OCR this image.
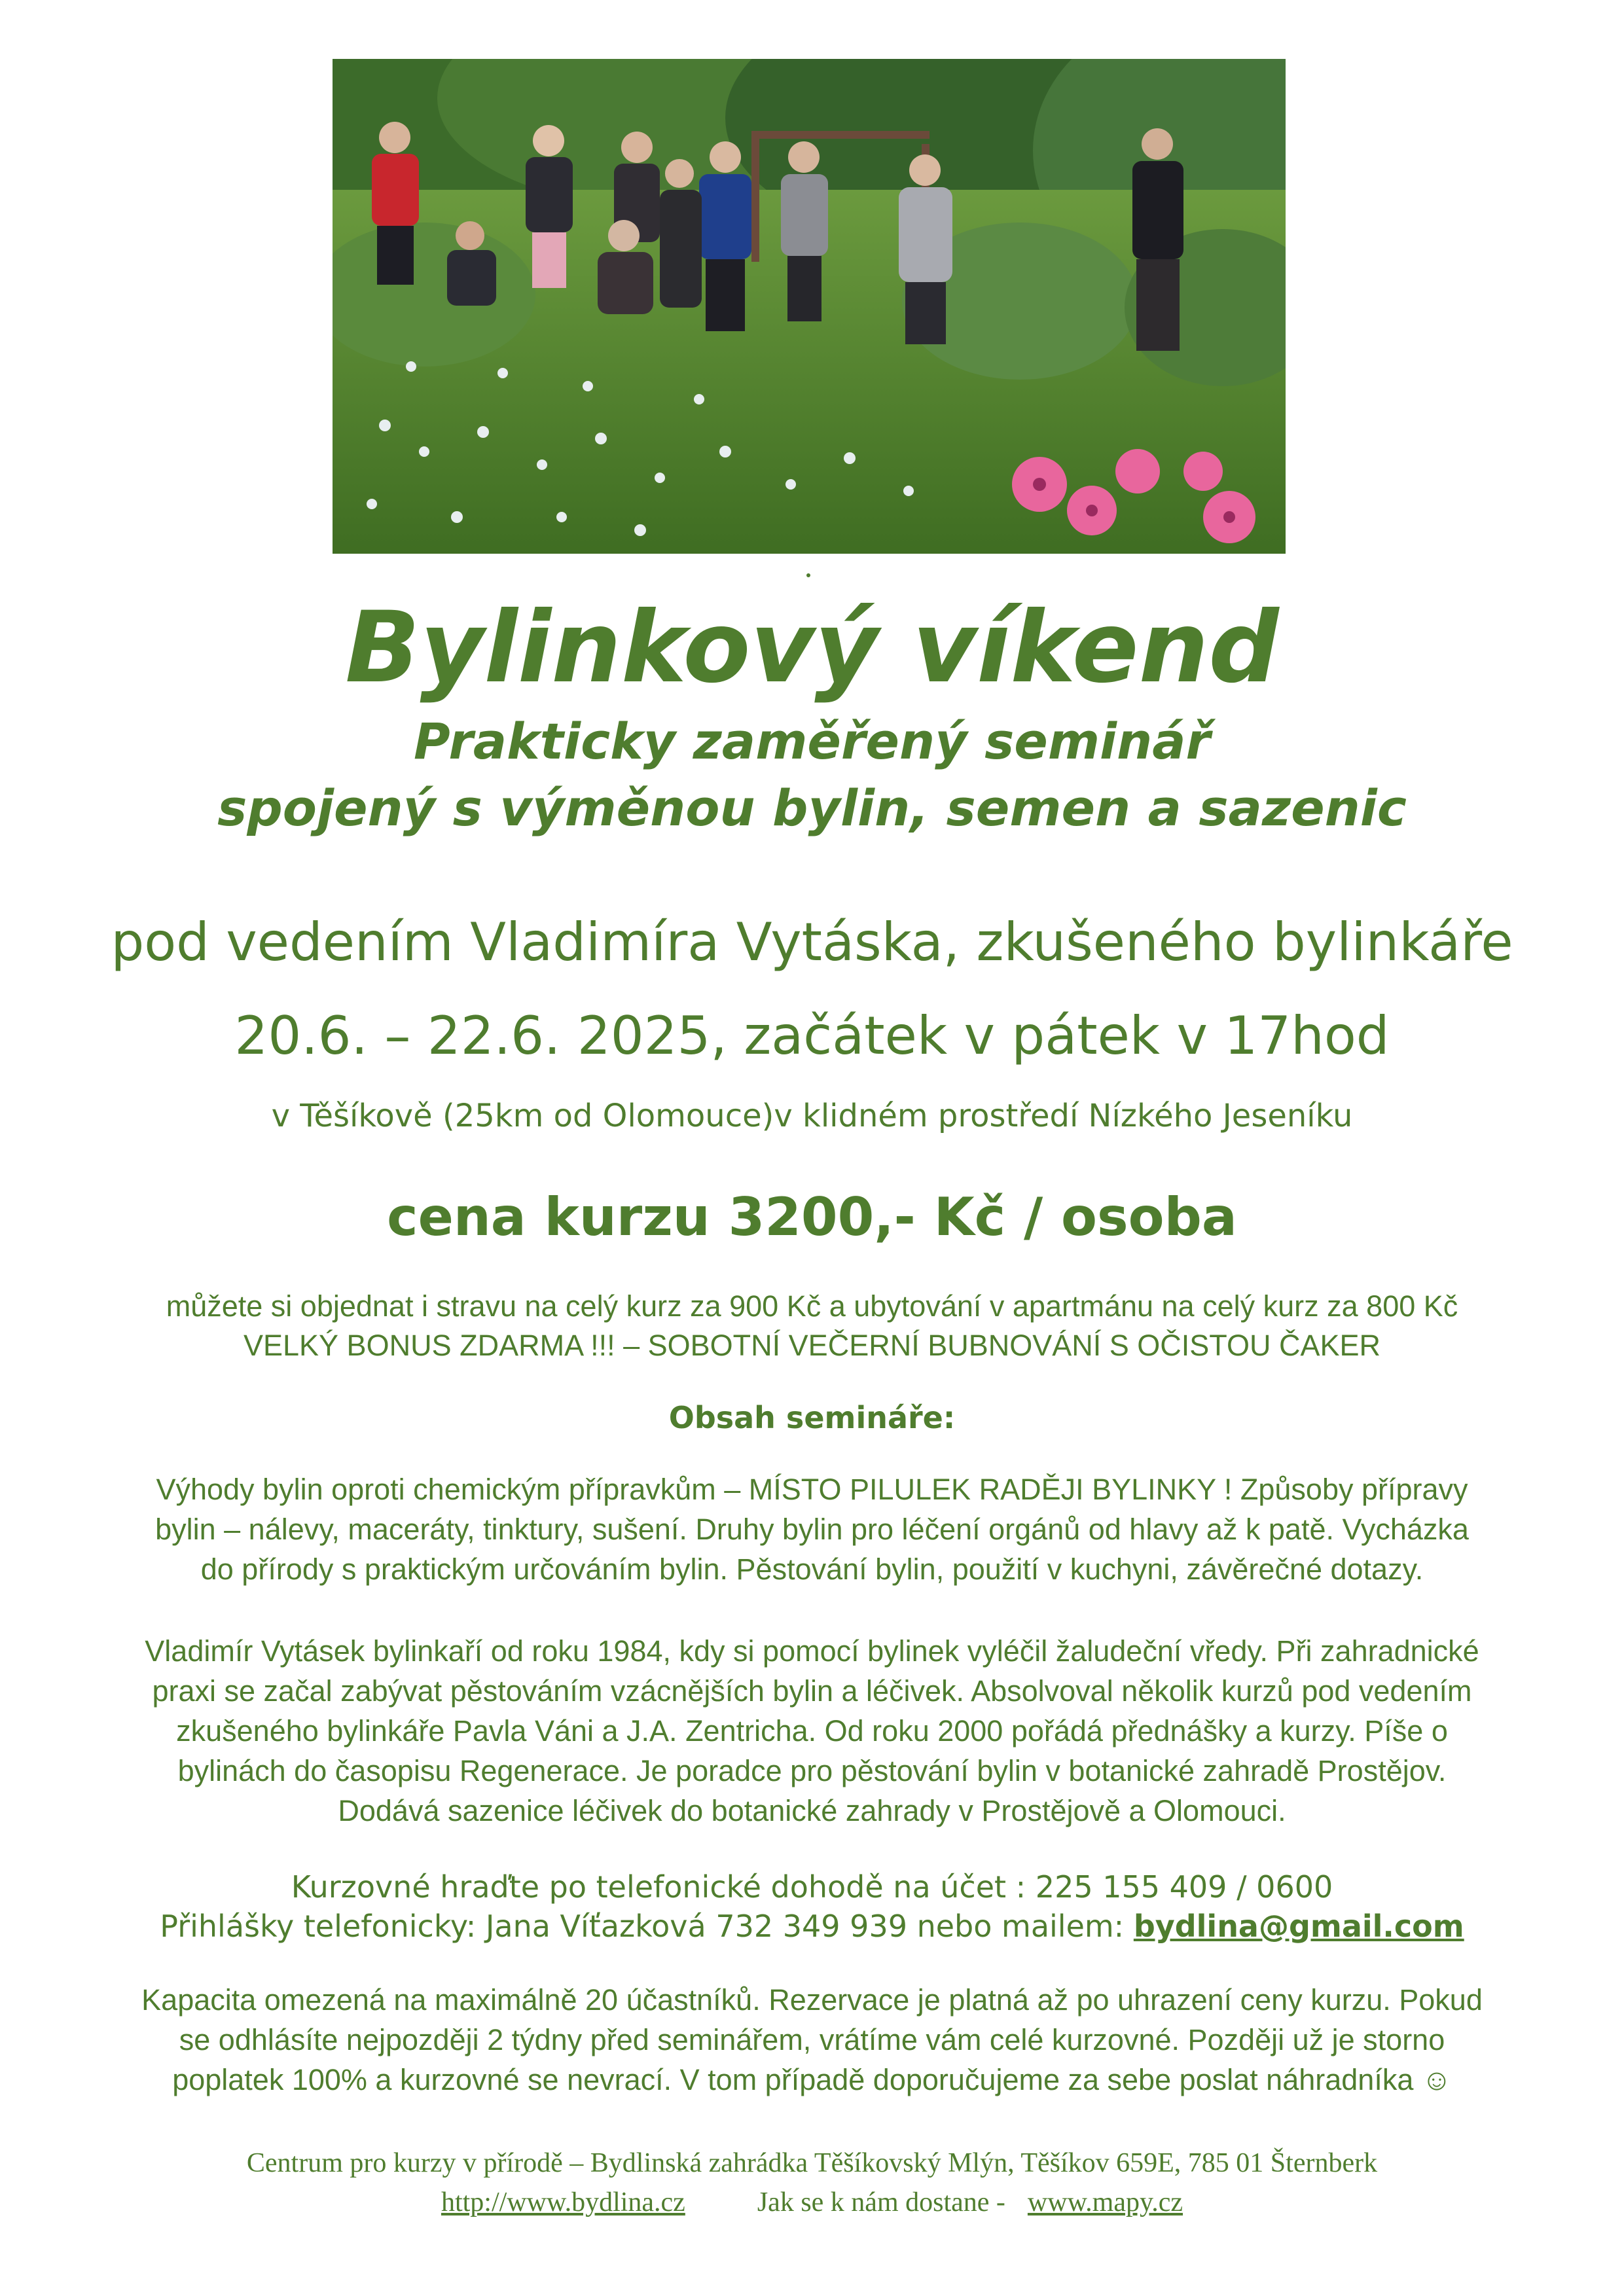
Bylinkový víkend
Prakticky zaměřený seminář
spojený s výměnou bylin, semen a sazenic
pod vedením Vladimíra Vytáska, zkušeného bylinkáře
20.6. – 22.6. 2025, začátek v pátek v 17hod
v Těšíkově (25km od Olomouce)v klidném prostředí Nízkého Jeseníku
cena kurzu 3200,- Kč / osoba
můžete si objednat i stravu na celý kurz za 900 Kč a ubytování v apartmánu na celý kurz za 800 Kč
VELKÝ BONUS ZDARMA !!! – SOBOTNÍ VEČERNÍ BUBNOVÁNÍ S OČISTOU ČAKER
Obsah semináře:
Výhody bylin oproti chemickým přípravkům – MÍSTO PILULEK RADĚJI BYLINKY ! Způsoby přípravy
bylin – nálevy, maceráty, tinktury, sušení. Druhy bylin pro léčení orgánů od hlavy až k patě. Vycházka
do přírody s praktickým určováním bylin. Pěstování bylin, použití v kuchyni, závěrečné dotazy.
Vladimír Vytásek bylinkaří od roku 1984, kdy si pomocí bylinek vyléčil žaludeční vředy. Při zahradnické
praxi se začal zabývat pěstováním vzácnějších bylin a léčivek. Absolvoval několik kurzů pod vedením
zkušeného bylinkáře Pavla Váni a J.A. Zentricha. Od roku 2000 pořádá přednášky a kurzy. Píše o
bylinách do časopisu Regenerace. Je poradce pro pěstování bylin v botanické zahradě Prostějov.
Dodává sazenice léčivek do botanické zahrady v Prostějově a Olomouci.
Kurzovné hraďte po telefonické dohodě na účet : 225 155 409 / 0600
Přihlášky telefonicky: Jana Víťazková 732 349 939 nebo mailem: bydlina@gmail.com
Kapacita omezená na maximálně 20 účastníků. Rezervace je platná až po uhrazení ceny kurzu. Pokud
se odhlásíte nejpozději 2 týdny před seminářem, vrátíme vám celé kurzovné. Později už je storno
poplatek 100% a kurzovné se nevrací. V tom případě doporučujeme za sebe poslat náhradníka ☺
Centrum pro kurzy v přírodě – Bydlinská zahrádka Těšíkovský Mlýn, Těšíkov 659E, 785 01 Šternberk
http://www.bydlina.cz	Jak se k nám dostane - www.mapy.cz
